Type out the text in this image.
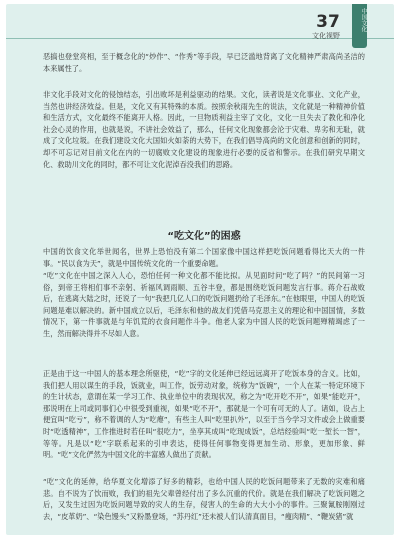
37

文化视野

中国文化

恶搞也登堂亮相，至于概念化的“炒作”、“作秀”等手段，早已泛滥地背离了文化精神严肃高尚圣洁的本来属性了。

非文化手段对文化的侵蚀结态，引出败坏是利益驱动的结果。文化，读者说是文化事业、文化产业，当然也讲经济效益。但是，文化又有其特殊的本质。按照余秋雨先生的说法，文化就是一种精神价值和生活方式，文化最终不能离开人格。因此，一旦物质利益主宰了文化，文化一旦失去了教化和净化社会心灵的作用，也就是说，不讲社会效益了，那么，任何文化现象都会沦于灾难、卑劣和无耻，就成了文化垃圾。在我们建设文化大国如火如荼的大势下，在我们倡导高尚的文化创意和创新的同时，却不可忘记对目前文化在内的一切腐败文化建设的现象进行必要的反省和警示。在我们研究早期文化、救助川文化的同时，都不可让文化泥淖吞没我们的思路。

“吃文化”的困惑

中国的饮食文化举世闻名，世界上恐怕没有第二个国家像中国这样把吃饭问题看得比天大的一件事。“民以食为天”，就是中国传统文化的一个重要命题。

“吃”文化在中国之深入人心，恐怕任何一种文化都不能比拟。从见面时问“吃了吗？”的民间第一习俗，到帝王将相们事不亲躬、祈福风调雨顺、五谷丰登，都是围绕吃饭问题发言行事。蒋介石战败后，在逃离大陆之时，还说了一句“我把几亿人口的吃饭问题扔给了毛泽东。”在他眼里，中国人的吃饭问题是难以解决的。新中国成立以后，毛泽东和他的战友们凭借马克思主义的理论和中国国情，多数情况下，第一件事就是与年饥荒的衣食问题作斗争。他老人家为中国人民的吃饭问题殚精竭虑了一生，然而解决得并不尽如人意。

正是由于这一中国人的基本理念所驱使，“吃”字的文化延伸已经远远离开了吃饭本身的含义。比如，我们把人用以谋生的手段，饭就业，叫工作，饭劳动对象，统称为“饭碗”，一个人在某一特定环境下的生计状态，意谓在某一学习工作、执业单位中的表现状况，称之为“吃开吃不开”，如果“能吃开”，那说明在上司或同事们心中很受到重视，如果“吃不开”，那就是一个可有可无的人了。诸如，设占上便宜叫“吃亏”，称不着调的人为“吃瘪”，有些主人叫“吃里扒外”，以至于当今学习文件或会上做重要时“吃透精神”，工作推进时若任叫“很吃力”，坐享其成叫“吃现成饭”，总结经验叫“吃一堑长一智”，等等。凡是以“吃”字联系起来的引申表达，使得任何事物变得更加生动、形象，更加形象、鲜明。“吃”文化俨然为中国文化的丰富感人做出了贡献。

“吃”文化的延伸，给华夏文化增添了好多的精彩，也给中国人民的吃饭问题带来了无数的灾难和痛悲。自不说为了饮而败，我们的祖先父辈曾经付出了多么沉重的代价。就是在我们解决了吃饭问题之后，又发生过因为吃饭问题导致的灾人的生存，侵害人的生命的大大小小的事件。三聚氰胺刚刚过去，“皮革奶”、“染色馒头”又粉墨登场，“苏丹红”还未被人们认清真面目，“瘦肉精”、“鞭炭猪”就
